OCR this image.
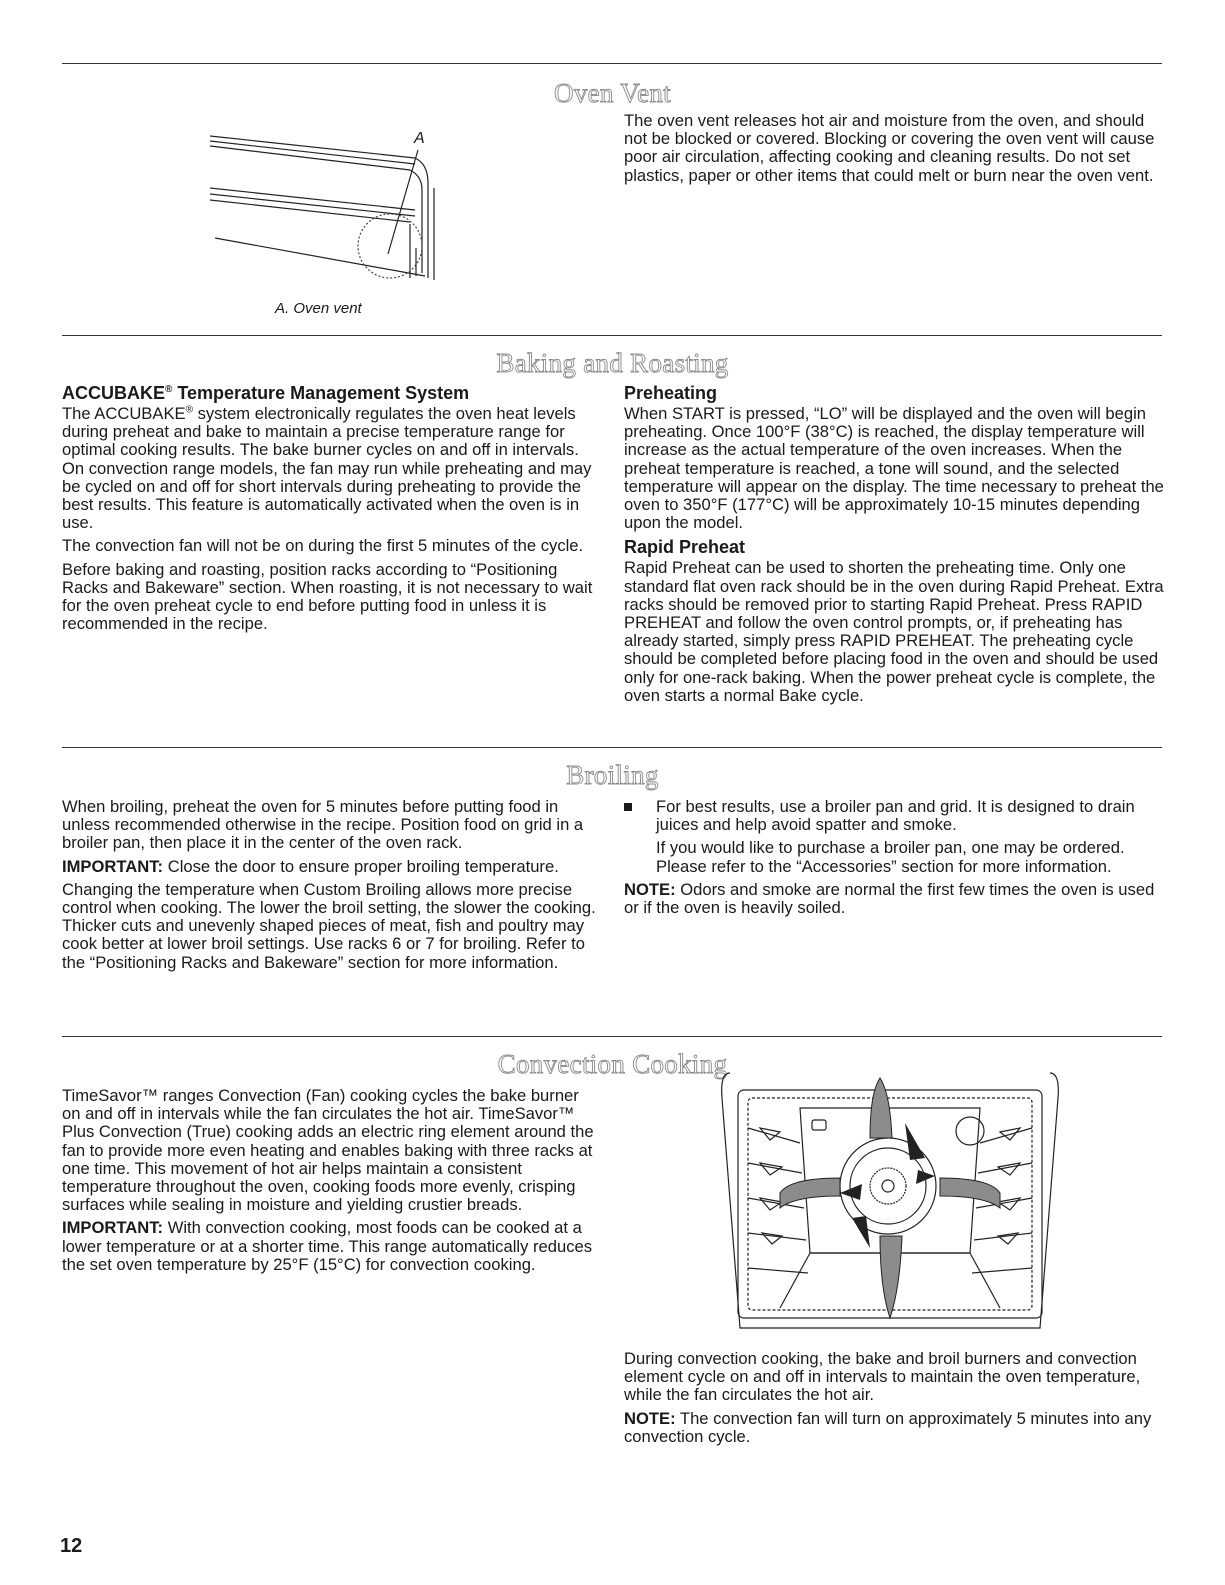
Oven Vent
A
A. Oven vent

The oven vent releases hot air and moisture from the oven, and should not be blocked or covered. Blocking or covering the oven vent will cause poor air circulation, affecting cooking and cleaning results. Do not set plastics, paper or other items that could melt or burn near the oven vent.

Baking and Roasting
ACCUBAKE® Temperature Management System

The ACCUBAKE® system electronically regulates the oven heat levels during preheat and bake to maintain a precise temperature range for optimal cooking results. The bake burner cycles on and off in intervals. On convection range models, the fan may run while preheating and may be cycled on and off for short intervals during preheating to provide the best results. This feature is automatically activated when the oven is in use.

The convection fan will not be on during the first 5 minutes of the cycle.

Before baking and roasting, position racks according to “Positioning Racks and Bakeware” section. When roasting, it is not necessary to wait for the oven preheat cycle to end before putting food in unless it is recommended in the recipe.

Preheating

When START is pressed, “LO” will be displayed and the oven will begin preheating. Once 100°F (38°C) is reached, the display temperature will increase as the actual temperature of the oven increases. When the preheat temperature is reached, a tone will sound, and the selected temperature will appear on the display. The time necessary to preheat the oven to 350°F (177°C) will be approximately 10-15 minutes depending upon the model.

Rapid Preheat

Rapid Preheat can be used to shorten the preheating time. Only one standard flat oven rack should be in the oven during Rapid Preheat. Extra racks should be removed prior to starting Rapid Preheat. Press RAPID PREHEAT and follow the oven control prompts, or, if preheating has already started, simply press RAPID PREHEAT. The preheating cycle should be completed before placing food in the oven and should be used only for one-rack baking. When the power preheat cycle is complete, the oven starts a normal Bake cycle.

Broiling

When broiling, preheat the oven for 5 minutes before putting food in unless recommended otherwise in the recipe. Position food on grid in a broiler pan, then place it in the center of the oven rack.

IMPORTANT: Close the door to ensure proper broiling temperature.

Changing the temperature when Custom Broiling allows more precise control when cooking. The lower the broil setting, the slower the cooking. Thicker cuts and unevenly shaped pieces of meat, fish and poultry may cook better at lower broil settings. Use racks 6 or 7 for broiling. Refer to the “Positioning Racks and Bakeware” section for more information.

For best results, use a broiler pan and grid. It is designed to drain juices and help avoid spatter and smoke.

If you would like to purchase a broiler pan, one may be ordered. Please refer to the “Accessories” section for more information.

NOTE: Odors and smoke are normal the first few times the oven is used or if the oven is heavily soiled.

Convection Cooking

TimeSavor™ ranges Convection (Fan) cooking cycles the bake burner on and off in intervals while the fan circulates the hot air. TimeSavor™ Plus Convection (True) cooking adds an electric ring element around the fan to provide more even heating and enables baking with three racks at one time. This movement of hot air helps maintain a consistent temperature throughout the oven, cooking foods more evenly, crisping surfaces while sealing in moisture and yielding crustier breads.

IMPORTANT: With convection cooking, most foods can be cooked at a lower temperature or at a shorter time. This range automatically reduces the set oven temperature by 25°F (15°C) for convection cooking.

During convection cooking, the bake and broil burners and convection element cycle on and off in intervals to maintain the oven temperature, while the fan circulates the hot air.

NOTE: The convection fan will turn on approximately 5 minutes into any convection cycle.

12
